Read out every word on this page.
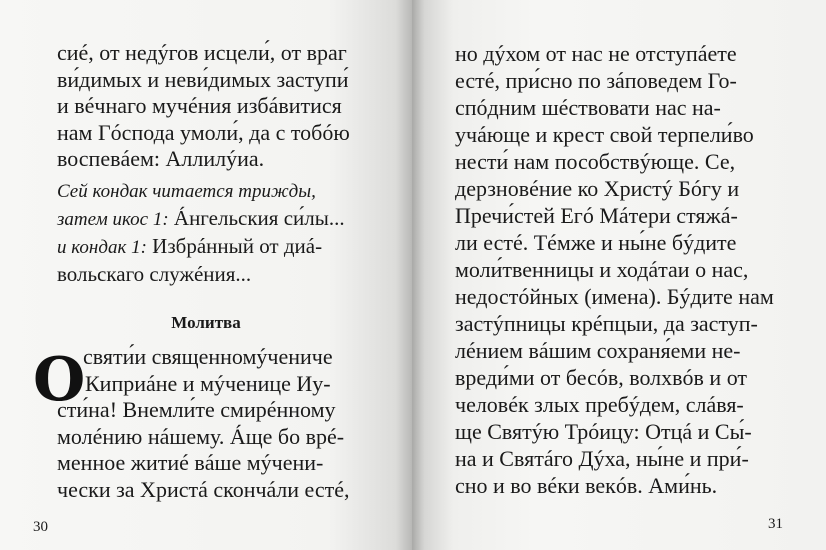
сиé, от недýгов исцели́, от враг
ви́димых и неви́димых заступи́
и вéчнаго мучéния избáвитися
нам Гóспода умоли́, да с тобóю
воспевáем: Аллилýиа.
Сей кондак читается трижды,
затем икос 1: Áнгельския си́лы...
и кондак 1: Избрáнный от диá-
вольскаго служéния...
Молитва
О
святи́и священномýчениче
Киприáне и мýченице Иу-
сти́на! Внемли́те смирéнному
молéнию нáшему. Áще бо врé-
менное житиé вáше мýчени-
чески за Христá скончáли естé,
30
но дýхом от нас не отступáете
естé, при́сно по зáповедем Го-
спóдним шéствовати нас на-
учáюще и крест свой терпели́во
нести́ нам пособствýюще. Се,
дерзновéние ко Христý Бóгу и
Пречи́стей Егó Мáтери стяжá-
ли естé. Тéмже и ны́не бýдите
моли́твенницы и ходáтаи о нас,
недостóйных (имена). Бýдите нам
застýпницы крéпцыи, да заступ-
лéнием вáшим сохраня́еми не-
вреди́ми от бесóв, волхвóв и от
человéк злых пребýдем, слáвя-
ще Святýю Трóицу: Отцá и Сы́-
на и Святáго Дýха, ны́не и при́-
сно и во вéки векóв. Ами́нь.
31
